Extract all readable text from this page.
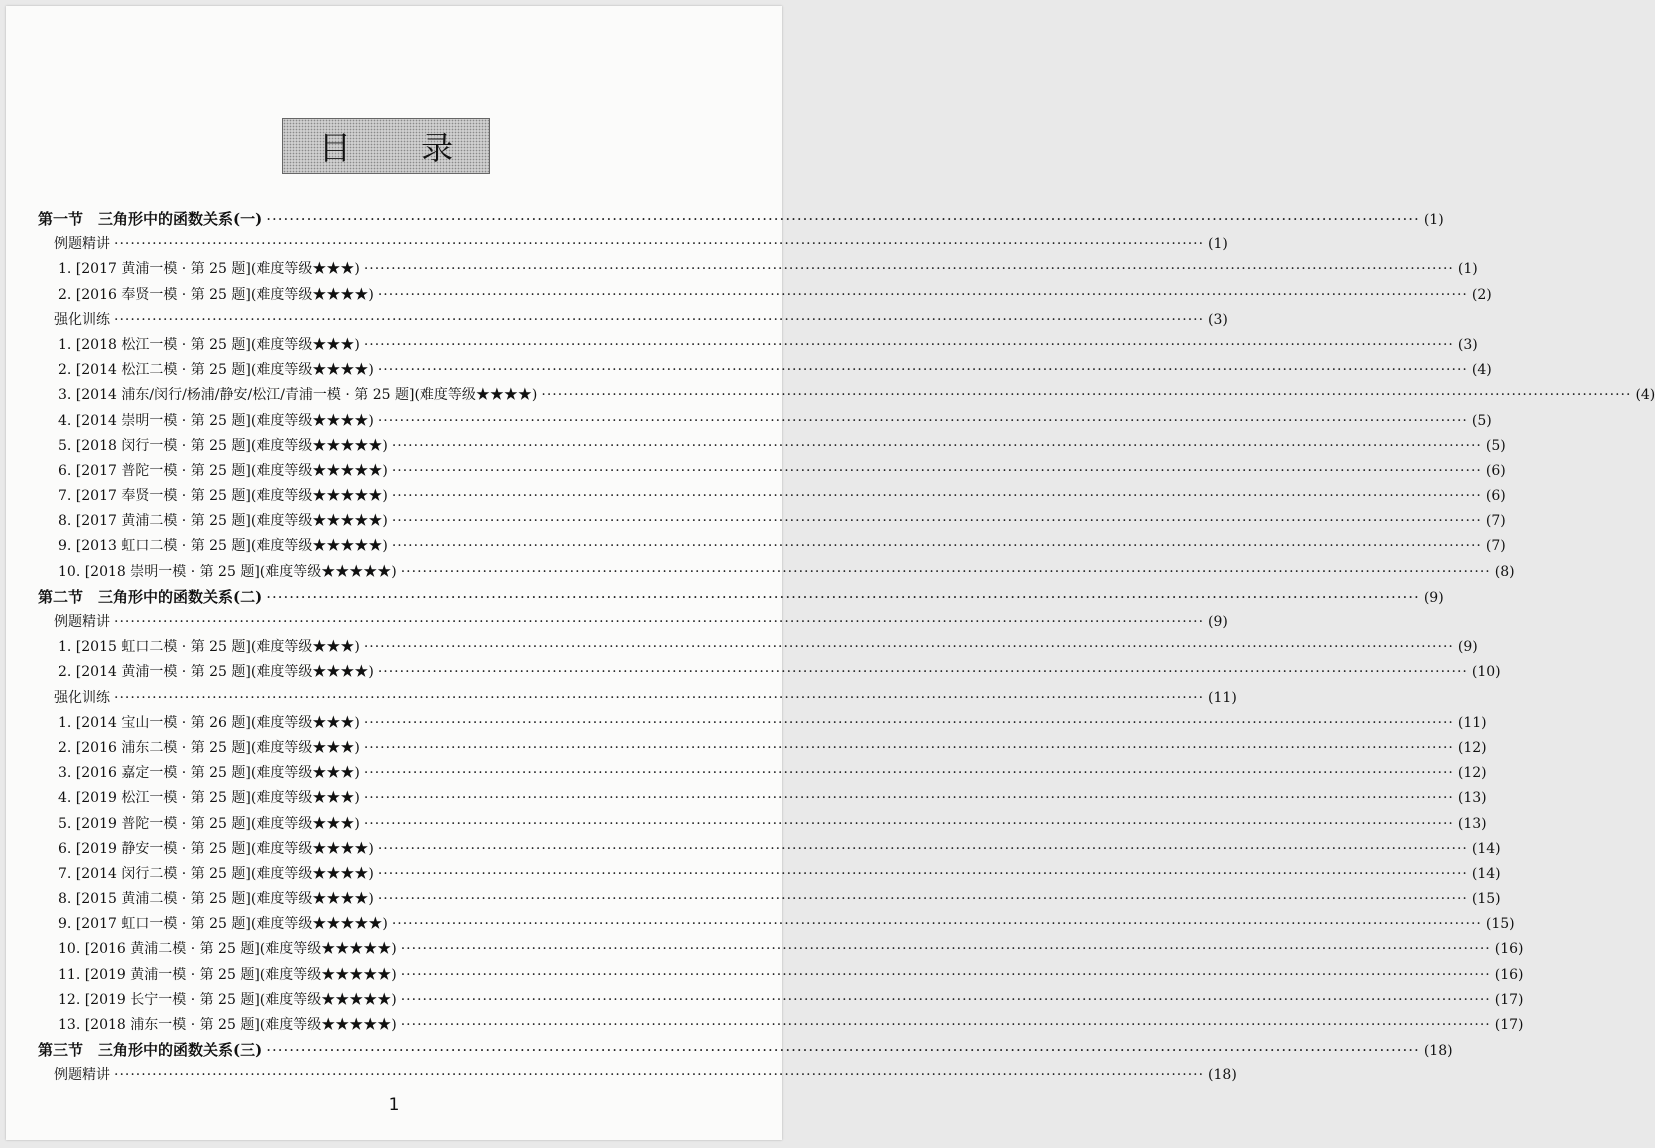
目 录
第一节　三角形中的函数关系(一) ········································································································································································································ (1)
例题精讲 ········································································································································································································ (1)
1. [2017 黄浦一模 · 第 25 题](难度等级★★★) ········································································································································································································ (1)
2. [2016 奉贤一模 · 第 25 题](难度等级★★★★) ········································································································································································································ (2)
强化训练 ········································································································································································································ (3)
1. [2018 松江一模 · 第 25 题](难度等级★★★) ········································································································································································································ (3)
2. [2014 松江二模 · 第 25 题](难度等级★★★★) ········································································································································································································ (4)
3. [2014 浦东/闵行/杨浦/静安/松江/青浦一模 · 第 25 题](难度等级★★★★) ········································································································································································································ (4)
4. [2014 崇明一模 · 第 25 题](难度等级★★★★) ········································································································································································································ (5)
5. [2018 闵行一模 · 第 25 题](难度等级★★★★★) ········································································································································································································ (5)
6. [2017 普陀一模 · 第 25 题](难度等级★★★★★) ········································································································································································································ (6)
7. [2017 奉贤一模 · 第 25 题](难度等级★★★★★) ········································································································································································································ (6)
8. [2017 黄浦二模 · 第 25 题](难度等级★★★★★) ········································································································································································································ (7)
9. [2013 虹口二模 · 第 25 题](难度等级★★★★★) ········································································································································································································ (7)
10. [2018 崇明一模 · 第 25 题](难度等级★★★★★) ········································································································································································································ (8)
第二节　三角形中的函数关系(二) ········································································································································································································ (9)
例题精讲 ········································································································································································································ (9)
1. [2015 虹口二模 · 第 25 题](难度等级★★★) ········································································································································································································ (9)
2. [2014 黄浦一模 · 第 25 题](难度等级★★★★) ········································································································································································································ (10)
强化训练 ········································································································································································································ (11)
1. [2014 宝山一模 · 第 26 题](难度等级★★★) ········································································································································································································ (11)
2. [2016 浦东二模 · 第 25 题](难度等级★★★) ········································································································································································································ (12)
3. [2016 嘉定一模 · 第 25 题](难度等级★★★) ········································································································································································································ (12)
4. [2019 松江一模 · 第 25 题](难度等级★★★) ········································································································································································································ (13)
5. [2019 普陀一模 · 第 25 题](难度等级★★★) ········································································································································································································ (13)
6. [2019 静安一模 · 第 25 题](难度等级★★★★) ········································································································································································································ (14)
7. [2014 闵行二模 · 第 25 题](难度等级★★★★) ········································································································································································································ (14)
8. [2015 黄浦二模 · 第 25 题](难度等级★★★★) ········································································································································································································ (15)
9. [2017 虹口一模 · 第 25 题](难度等级★★★★★) ········································································································································································································ (15)
10. [2016 黄浦二模 · 第 25 题](难度等级★★★★★) ········································································································································································································ (16)
11. [2019 黄浦一模 · 第 25 题](难度等级★★★★★) ········································································································································································································ (16)
12. [2019 长宁一模 · 第 25 题](难度等级★★★★★) ········································································································································································································ (17)
13. [2018 浦东一模 · 第 25 题](难度等级★★★★★) ········································································································································································································ (17)
第三节　三角形中的函数关系(三) ········································································································································································································ (18)
例题精讲 ········································································································································································································ (18)
1
